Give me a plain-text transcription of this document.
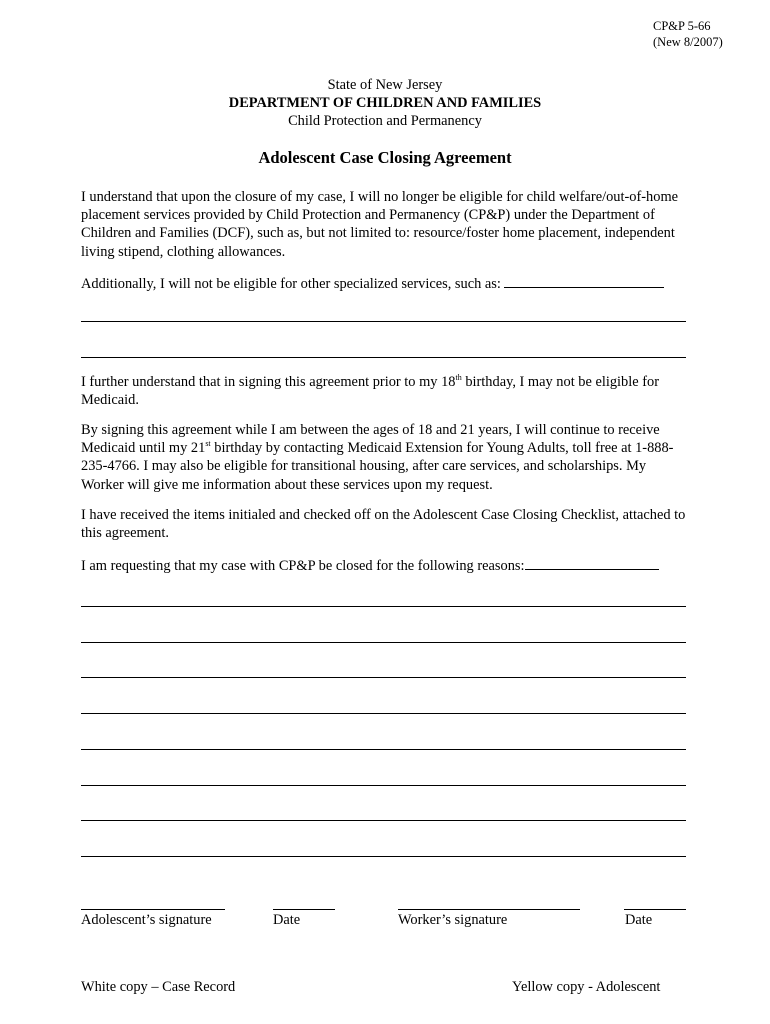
CP&P 5-66
(New 8/2007)
State of New Jersey
DEPARTMENT OF CHILDREN AND FAMILIES
Child Protection and Permanency
Adolescent Case Closing Agreement
I understand that upon the closure of my case, I will no longer be eligible for child welfare/out-of-home placement services provided by Child Protection and Permanency (CP&P) under the Department of Children and Families (DCF), such as, but not limited to: resource/foster home placement, independent living stipend, clothing allowances.
Additionally, I will not be eligible for other specialized services, such as:
I further understand that in signing this agreement prior to my 18th birthday, I may not be eligible for Medicaid.
By signing this agreement while I am between the ages of 18 and 21 years, I will continue to receive Medicaid until my 21st birthday by contacting Medicaid Extension for Young Adults, toll free at 1-888-235-4766. I may also be eligible for transitional housing, after care services, and scholarships. My Worker will give me information about these services upon my request.
I have received the items initialed and checked off on the Adolescent Case Closing Checklist, attached to this agreement.
I am requesting that my case with CP&P be closed for the following reasons:
Adolescent’s signature	Date	Worker’s signature	Date
White copy – Case Record	Yellow copy - Adolescent
